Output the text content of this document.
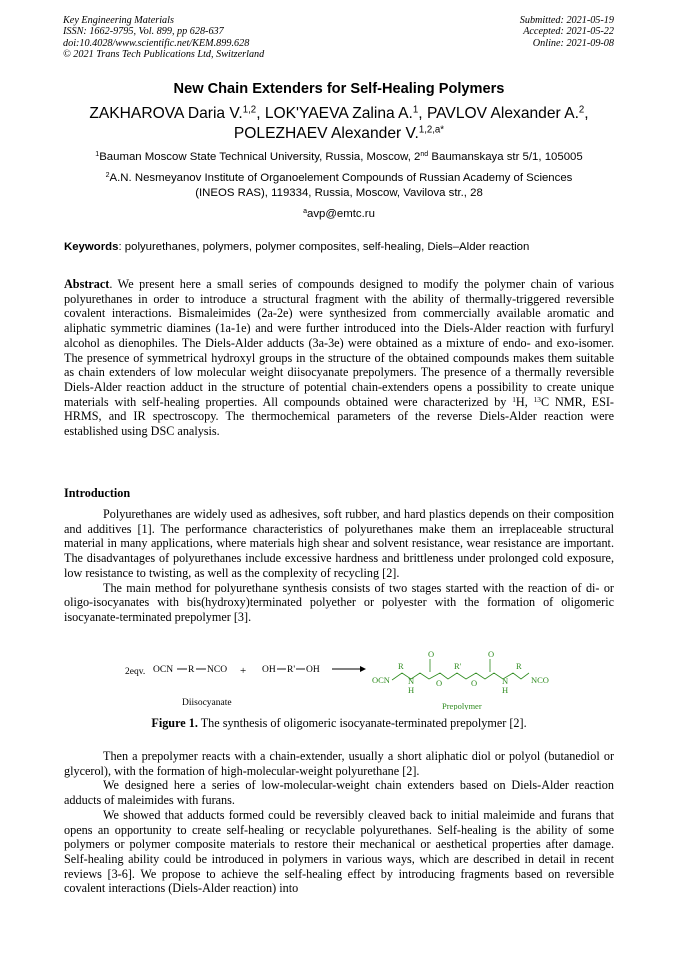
Key Engineering Materials
ISSN: 1662-9795, Vol. 899, pp 628-637
doi:10.4028/www.scientific.net/KEM.899.628
© 2021 Trans Tech Publications Ltd, Switzerland
Submitted: 2021-05-19
Accepted: 2021-05-22
Online: 2021-09-08
New Chain Extenders for Self-Healing Polymers
ZAKHAROVA Daria V.$^{1,2}$, LOK'YAEVA Zalina A.$^1$, PAVLOV Alexander A.$^2$,
POLEZHAEV Alexander V.$^{1,2,a*}$
$^1$Bauman Moscow State Technical University, Russia, Moscow, 2nd Baumanskaya str 5/1, 105005
$^2$A.N. Nesmeyanov Institute of Organoelement Compounds of Russian Academy of Sciences
(INEOS RAS), 119334, Russia, Moscow, Vavilova str., 28
$^a$avp@emtc.ru
Keywords: polyurethanes, polymers, polymer composites, self-healing, Diels–Alder reaction

Abstract. We present here a small series of compounds designed to modify the polymer chain of various polyurethanes in order to introduce a structural fragment with the ability of thermally-triggered reversible covalent interactions. Bismaleimides (2a-2e) were synthesized from commercially available aromatic and aliphatic symmetric diamines (1a-1e) and were further introduced into the Diels-Alder reaction with furfuryl alcohol as dienophiles. The Diels-Alder adducts (3a-3e) were obtained as a mixture of endo- and exo-isomer. The presence of symmetrical hydroxyl groups in the structure of the obtained compounds makes them suitable as chain extenders of low molecular weight diisocyanate prepolymers. The presence of a thermally reversible Diels-Alder reaction adduct in the structure of potential chain-extenders opens a possibility to create unique materials with self-healing properties. All compounds obtained were characterized by $^1$H, $^{13}$C NMR, ESI-HRMS, and IR spectroscopy. The thermochemical parameters of the reverse Diels-Alder reaction were established using DSC analysis.

Introduction

Polyurethanes are widely used as adhesives, soft rubber, and hard plastics depends on their composition and additives [1]. The performance characteristics of polyurethanes make them an irreplaceable structural material in many applications, where materials high shear and solvent resistance, wear resistance are important. The disadvantages of polyurethanes include excessive hardness and brittleness under prolonged cold exposure, low resistance to twisting, as well as the complexity of recycling [2].

The main method for polyurethane synthesis consists of two stages started with the reaction of di- or oligo-isocyanates with bis(hydroxy)terminated polyether or polyester with the formation of oligomeric isocyanate-terminated prepolymer [3].

2eqv. OCN R NCO + OH R' OH
Diisocyanate
OCN
R
N
H
O
O
R'
O
O
N
H
R
NCO
Prepolymer
Figure 1. The synthesis of oligomeric isocyanate-terminated prepolymer [2].

Then a prepolymer reacts with a chain-extender, usually a short aliphatic diol or polyol (butanediol or glycerol), with the formation of high-molecular-weight polyurethane [2].

We designed here a series of low-molecular-weight chain extenders based on Diels-Alder reaction adducts of maleimides with furans.

We showed that adducts formed could be reversibly cleaved back to initial maleimide and furans that opens an opportunity to create self-healing or recyclable polyurethanes. Self-healing is the ability of some polymers or polymer composite materials to restore their mechanical or aesthetical properties after damage. Self-healing ability could be introduced in polymers in various ways, which are described in detail in recent reviews [3-6]. We propose to achieve the self-healing effect by introducing fragments based on reversible covalent interactions (Diels-Alder reaction) into
